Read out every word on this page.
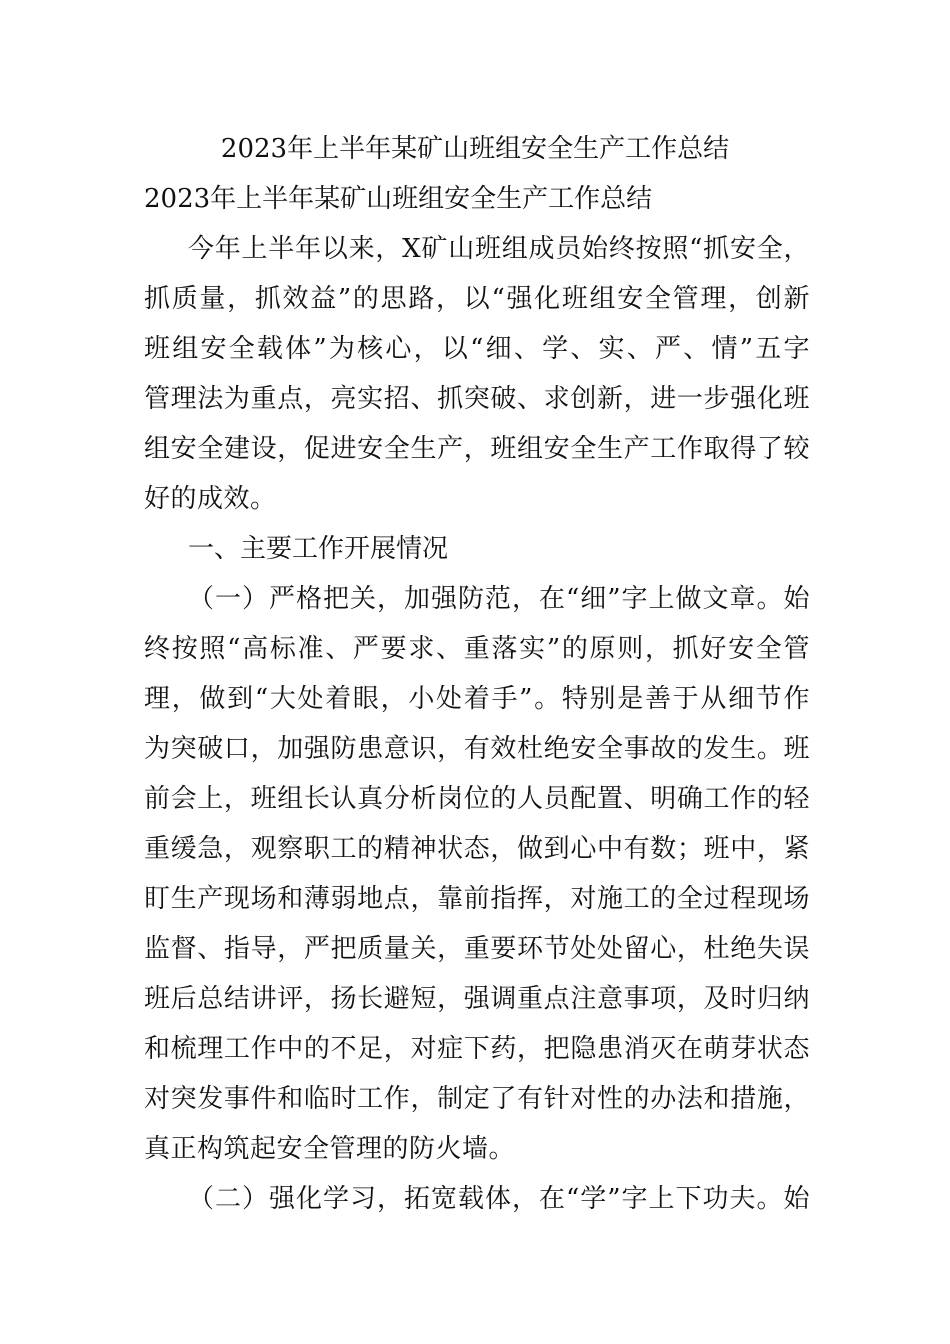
2023年上半年某矿山班组安全生产工作总结
2023年上半年某矿山班组安全生产工作总结
今年上半年以来，X矿山班组成员始终按照“抓安全，
抓质量，抓效益”的思路，以“强化班组安全管理，创新
班组安全载体”为核心，以“细、学、实、严、情”五字
管理法为重点，亮实招、抓突破、求创新，进一步强化班
组安全建设，促进安全生产，班组安全生产工作取得了较
好的成效。
一、主要工作开展情况
（一）严格把关，加强防范，在“细”字上做文章。始
终按照“高标准、严要求、重落实”的原则，抓好安全管
理，做到“大处着眼，小处着手”。特别是善于从细节作
为突破口，加强防患意识，有效杜绝安全事故的发生。班
前会上，班组长认真分析岗位的人员配置、明确工作的轻
重缓急，观察职工的精神状态，做到心中有数；班中，紧
盯生产现场和薄弱地点，靠前指挥，对施工的全过程现场
监督、指导，严把质量关，重要环节处处留心，杜绝失误
班后总结讲评，扬长避短，强调重点注意事项，及时归纳
和梳理工作中的不足，对症下药，把隐患消灭在萌芽状态
对突发事件和临时工作，制定了有针对性的办法和措施，
真正构筑起安全管理的防火墙。
（二）强化学习，拓宽载体，在“学”字上下功夫。始
